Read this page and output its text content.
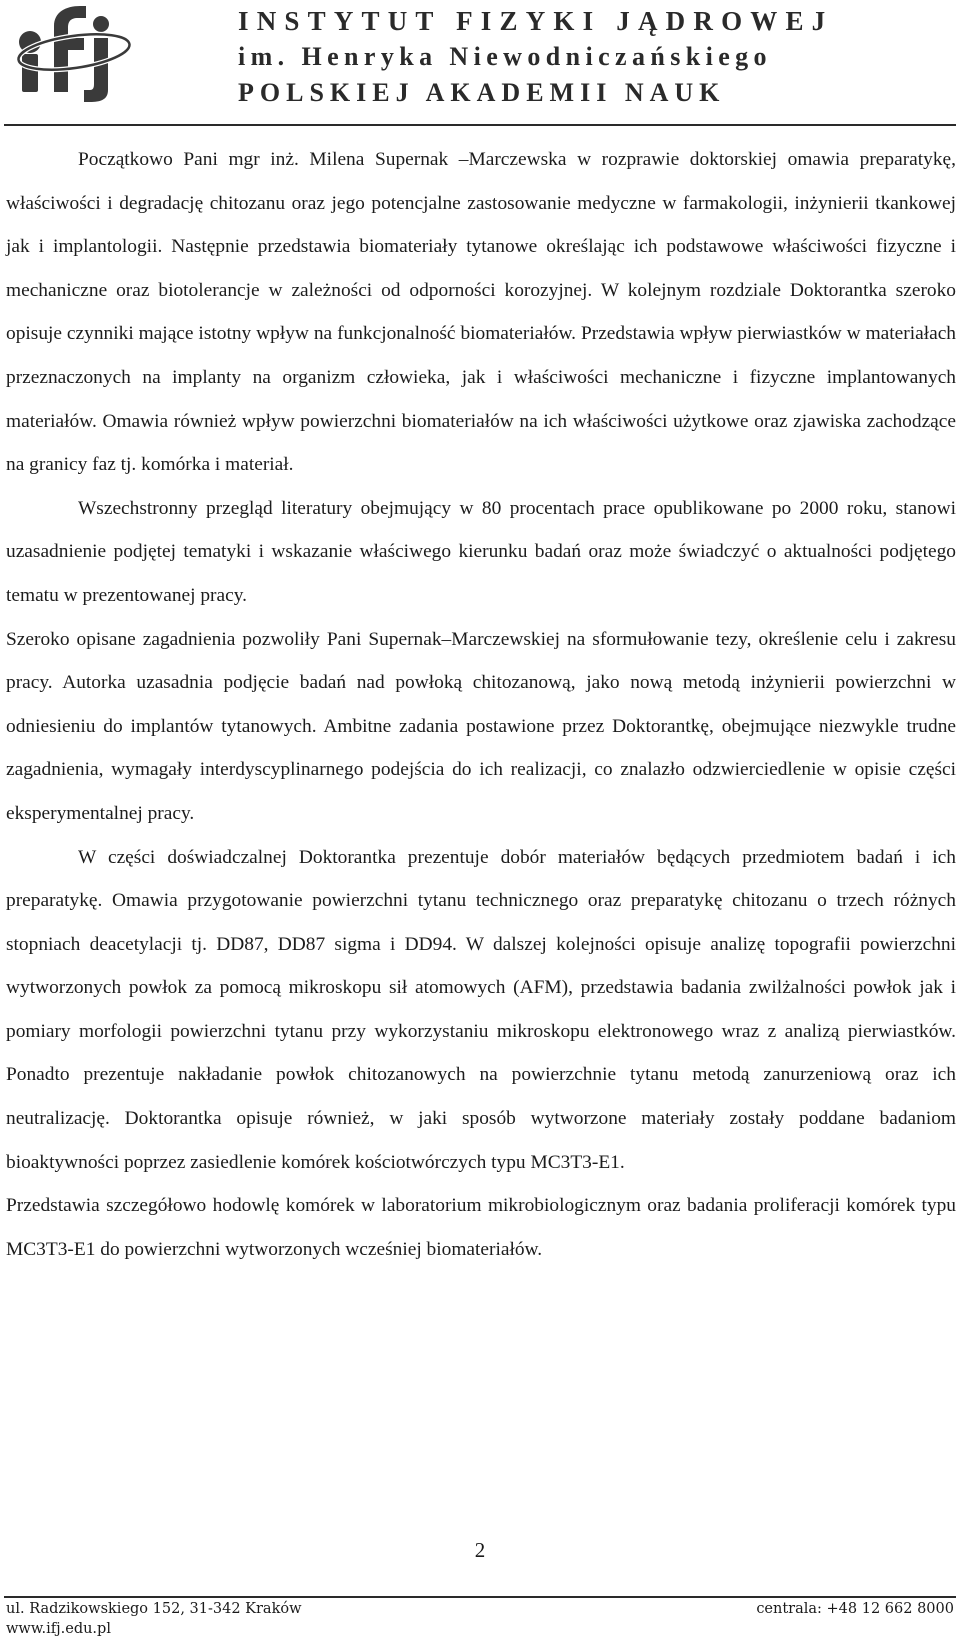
INSTYTUT FIZYKI JĄDROWEJ
im. Henryka Niewodniczańskiego
POLSKIEJ AKADEMII NAUK

Początkowo Pani mgr inż. Milena Supernak –Marczewska w rozprawie doktorskiej omawia preparatykę, właściwości i degradację chitozanu oraz jego potencjalne zastosowanie medyczne w farmakologii, inżynierii tkankowej jak i implantologii. Następnie przedstawia biomateriały tytanowe określając ich podstawowe właściwości fizyczne i mechaniczne oraz biotolerancje w zależności od odporności korozyjnej. W kolejnym rozdziale Doktorantka szeroko opisuje czynniki mające istotny wpływ na funkcjonalność biomateriałów. Przedstawia wpływ pierwiastków w materiałach przeznaczonych na implanty na organizm człowieka, jak i właściwości mechaniczne i fizyczne implantowanych materiałów. Omawia również wpływ powierzchni biomateriałów na ich właściwości użytkowe oraz zjawiska zachodzące na granicy faz tj. komórka i materiał.

Wszechstronny przegląd literatury obejmujący w 80 procentach prace opublikowane po 2000 roku, stanowi uzasadnienie podjętej tematyki i wskazanie właściwego kierunku badań oraz może świadczyć o aktualności podjętego tematu w prezentowanej pracy.

Szeroko opisane zagadnienia pozwoliły Pani Supernak–Marczewskiej na sformułowanie tezy, określenie celu i zakresu pracy. Autorka uzasadnia podjęcie badań nad powłoką chitozanową, jako nową metodą inżynierii powierzchni w odniesieniu do implantów tytanowych. Ambitne zadania postawione przez Doktorantkę, obejmujące niezwykle trudne zagadnienia, wymagały interdyscyplinarnego podejścia do ich realizacji, co znalazło odzwierciedlenie w opisie części eksperymentalnej pracy.

W części doświadczalnej Doktorantka prezentuje dobór materiałów będących przedmiotem badań i ich preparatykę. Omawia przygotowanie powierzchni tytanu technicznego oraz preparatykę chitozanu o trzech różnych stopniach deacetylacji tj. DD87, DD87 sigma i DD94. W dalszej kolejności opisuje analizę topografii powierzchni wytworzonych powłok za pomocą mikroskopu sił atomowych (AFM), przedstawia badania zwilżalności powłok jak i pomiary morfologii powierzchni tytanu przy wykorzystaniu mikroskopu elektronowego wraz z analizą pierwiastków. Ponadto prezentuje nakładanie powłok chitozanowych na powierzchnie tytanu metodą zanurzeniową oraz ich neutralizację. Doktorantka opisuje również, w jaki sposób wytworzone materiały zostały poddane badaniom bioaktywności poprzez zasiedlenie komórek kościotwórczych typu MC3T3-E1.

Przedstawia szczegółowo hodowlę komórek w laboratorium mikrobiologicznym oraz badania proliferacji komórek typu MC3T3-E1 do powierzchni wytworzonych wcześniej biomateriałów.

2
ul. Radzikowskiego 152, 31-342 Kraków
www.ifj.edu.pl
centrala: +48 12 662 8000
